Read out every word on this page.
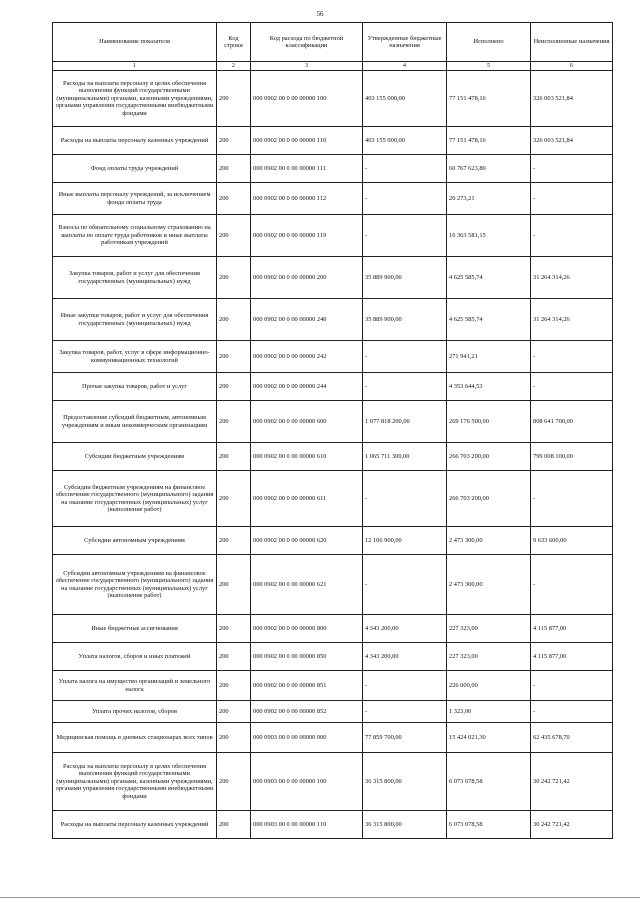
56
Наименование показателя	Код строки	Код расхода по бюджетной классификации	Утвержденные бюджетные назначения	Исполнено	Неисполненные назначения
1	2	3	4	5	6
Расходы на выплаты персоналу в целях обеспечения выполнения функций государственными (муниципальными) органами, казенными учреждениями, органами управления государственными внебюджетными фондами	200	000 0902 00 0 00 00000 100	403 155 000,00	77 151 478,16	326 003 521,84
Расходы на выплаты персоналу казенных учреждений	200	000 0902 00 0 00 00000 110	403 155 000,00	77 151 478,16	326 003 521,84
Фонд оплаты труда учреждений	200	000 0902 00 0 00 00000 111	-	60 767 623,80	-
Иные выплаты персоналу учреждений, за исключением фонда оплаты труда	200	000 0902 00 0 00 00000 112	-	20 273,21	-
Взносы по обязательному социальному страхованию на выплаты по оплате труда работников и иные выплаты работникам учреждений	200	000 0902 00 0 00 00000 119	-	16 363 581,15	-
Закупка товаров, работ и услуг для обеспечения государственных (муниципальных) нужд	200	000 0902 00 0 00 00000 200	35 889 900,00	4 625 585,74	31 264 314,26
Иные закупки товаров, работ и услуг для обеспечения государственных (муниципальных) нужд	200	000 0902 00 0 00 00000 240	35 889 900,00	4 625 585,74	31 264 314,26
Закупка товаров, работ, услуг в сфере информационно-коммуникационных технологий	200	000 0902 00 0 00 00000 242	-	271 941,21	-
Прочая закупка товаров, работ и услуг	200	000 0902 00 0 00 00000 244	-	4 353 644,53	-
Предоставление субсидий бюджетным, автономным учреждениям и иным некоммерческим организациям	200	000 0902 00 0 00 00000 600	1 077 818 200,00	269 176 500,00	808 641 700,00
Субсидии бюджетным учреждениям	200	000 0902 00 0 00 00000 610	1 065 711 300,00	266 703 200,00	799 008 100,00
Субсидии бюджетным учреждениям на финансовое обеспечение государственного (муниципального) задания на оказание государственных (муниципальных) услуг (выполнение работ)	200	000 0902 00 0 00 00000 611	-	266 703 200,00	-
Субсидии автономным учреждениям	200	000 0902 00 0 00 00000 620	12 106 900,00	2 473 300,00	9 633 600,00
Субсидии автономным учреждениям на финансовое обеспечение государственного (муниципального) задания на оказание государственных (муниципальных) услуг (выполнение работ)	200	000 0902 00 0 00 00000 621	-	2 473 300,00	-
Иные бюджетные ассигнования	200	000 0902 00 0 00 00000 800	4 343 200,00	227 323,00	4 115 877,00
Уплата налогов, сборов и иных платежей	200	000 0902 00 0 00 00000 850	4 343 200,00	227 323,00	4 115 877,00
Уплата налога на имущество организаций и земельного налога	200	000 0902 00 0 00 00000 851	-	226 000,00	-
Уплата прочих налогов, сборов	200	000 0902 00 0 00 00000 852	-	1 323,00	-
Медицинская помощь в дневных стационарах всех типов	200	000 0903 00 0 00 00000 000	77 859 700,00	15 424 021,30	62 435 678,70
Расходы на выплаты персоналу в целях обеспечения выполнения функций государственными (муниципальными) органами, казенными учреждениями, органами управления государственными внебюджетными фондами	200	000 0903 00 0 00 00000 100	36 315 800,00	6 073 078,58	30 242 721,42
Расходы на выплаты персоналу казенных учреждений	200	000 0903 00 0 00 00000 110	36 315 800,00	6 073 078,58	30 242 721,42
